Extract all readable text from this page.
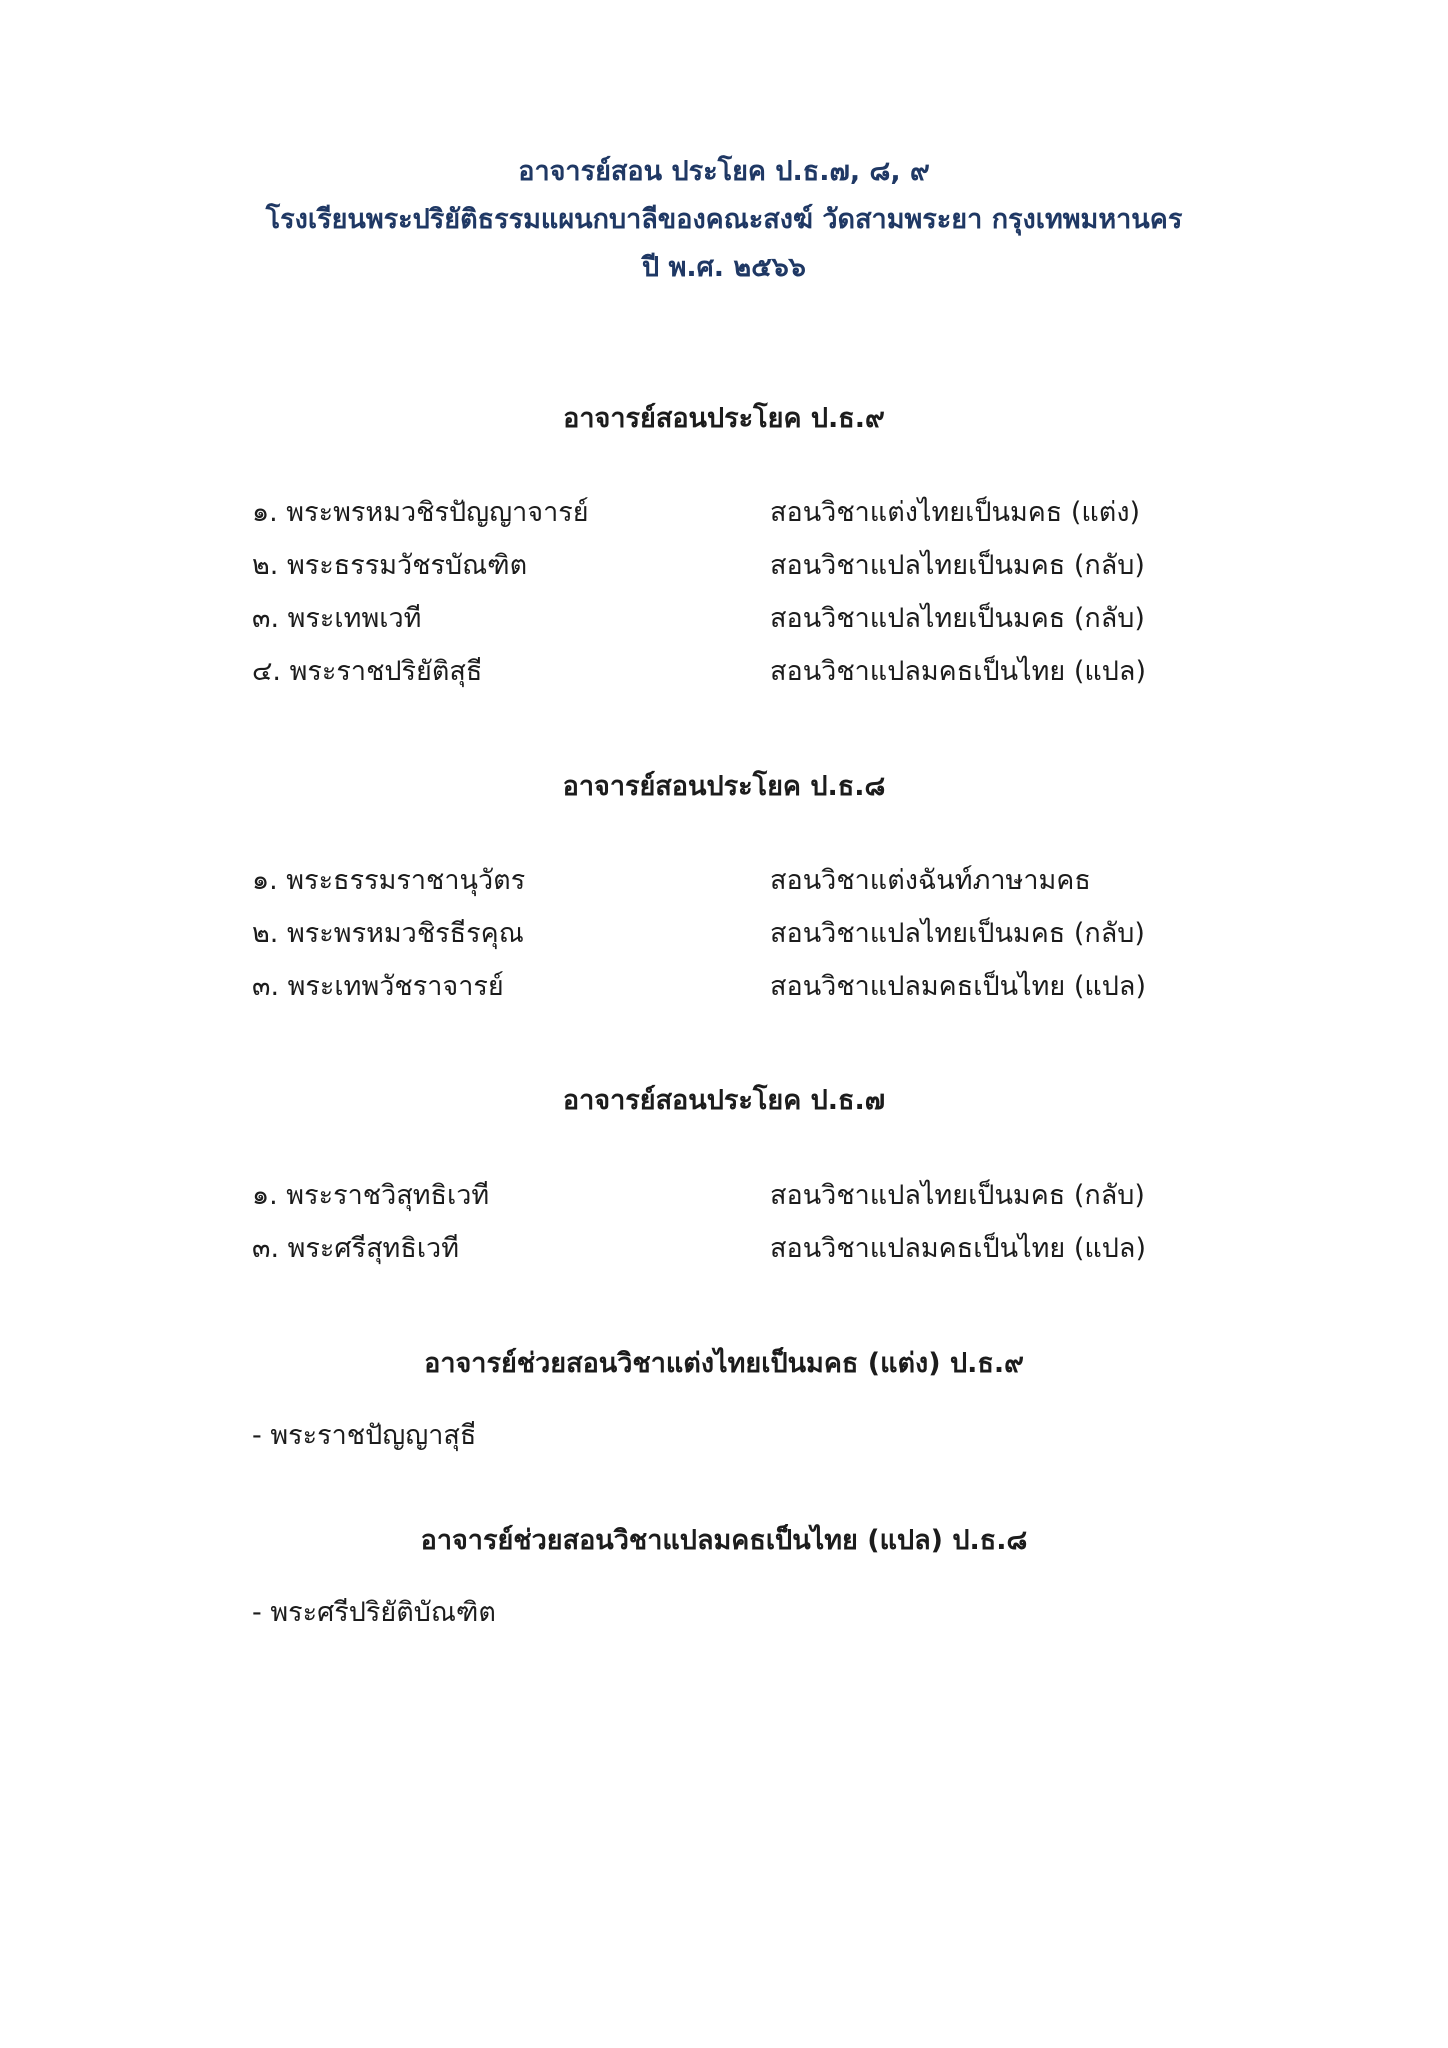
อาจารย์สอน ประโยค ป.ธ.๗, ๘, ๙
โรงเรียนพระปริยัติธรรมแผนกบาลีของคณะสงฆ์ วัดสามพระยา กรุงเทพมหานคร
ปี พ.ศ. ๒๕๖๖
อาจารย์สอนประโยค ป.ธ.๙
๑. พระพรหมวชิรปัญญาจารย์	สอนวิชาแต่งไทยเป็นมคธ (แต่ง)
๒. พระธรรมวัชรบัณฑิต	สอนวิชาแปลไทยเป็นมคธ (กลับ)
๓. พระเทพเวที	สอนวิชาแปลไทยเป็นมคธ (กลับ)
๔. พระราชปริยัติสุธี	สอนวิชาแปลมคธเป็นไทย (แปล)
อาจารย์สอนประโยค ป.ธ.๘
๑. พระธรรมราชานุวัตร	สอนวิชาแต่งฉันท์ภาษามคธ
๒. พระพรหมวชิรธีรคุณ	สอนวิชาแปลไทยเป็นมคธ (กลับ)
๓. พระเทพวัชราจารย์	สอนวิชาแปลมคธเป็นไทย (แปล)
อาจารย์สอนประโยค ป.ธ.๗
๑. พระราชวิสุทธิเวที	สอนวิชาแปลไทยเป็นมคธ (กลับ)
๓. พระศรีสุทธิเวที	สอนวิชาแปลมคธเป็นไทย (แปล)
อาจารย์ช่วยสอนวิชาแต่งไทยเป็นมคธ (แต่ง) ป.ธ.๙
- พระราชปัญญาสุธี
อาจารย์ช่วยสอนวิชาแปลมคธเป็นไทย (แปล) ป.ธ.๘
- พระศรีปริยัติบัณฑิต
